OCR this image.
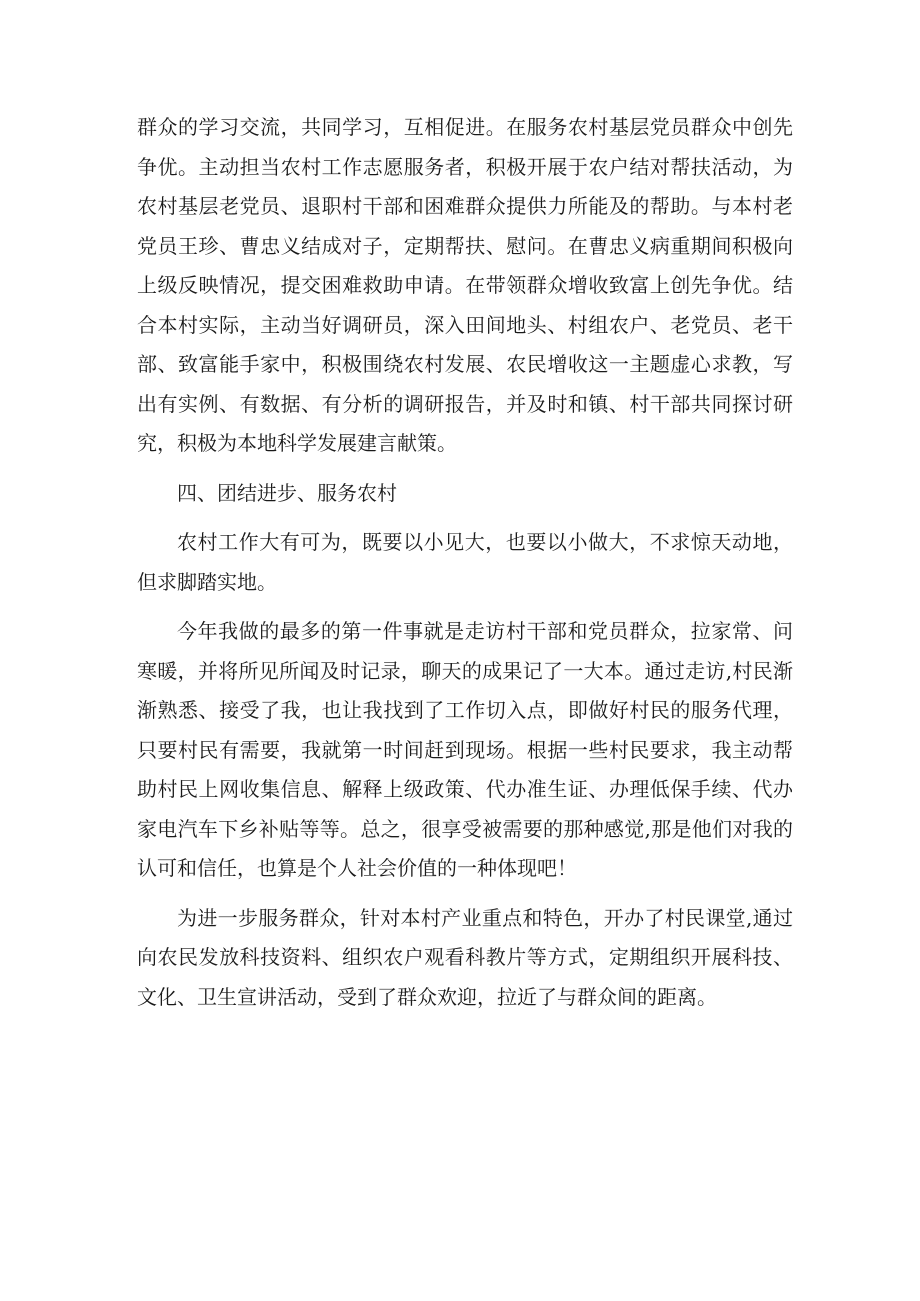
群众的学习交流，共同学习，互相促进。在服务农村基层党员群众中创先争优。主动担当农村工作志愿服务者，积极开展于农户结对帮扶活动，为农村基层老党员、退职村干部和困难群众提供力所能及的帮助。与本村老党员王珍、曹忠义结成对子，定期帮扶、慰问。在曹忠义病重期间积极向上级反映情况，提交困难救助申请。在带领群众增收致富上创先争优。结合本村实际，主动当好调研员，深入田间地头、村组农户、老党员、老干部、致富能手家中，积极围绕农村发展、农民增收这一主题虚心求教，写出有实例、有数据、有分析的调研报告，并及时和镇、村干部共同探讨研究，积极为本地科学发展建言献策。

四、团结进步、服务农村

农村工作大有可为，既要以小见大，也要以小做大，不求惊天动地，但求脚踏实地。

今年我做的最多的第一件事就是走访村干部和党员群众，拉家常、问寒暖，并将所见所闻及时记录，聊天的成果记了一大本。通过走访,村民渐渐熟悉、接受了我，也让我找到了工作切入点，即做好村民的服务代理，只要村民有需要，我就第一时间赶到现场。根据一些村民要求，我主动帮助村民上网收集信息、解释上级政策、代办准生证、办理低保手续、代办家电汽车下乡补贴等等。总之，很享受被需要的那种感觉,那是他们对我的认可和信任，也算是个人社会价值的一种体现吧！

为进一步服务群众，针对本村产业重点和特色，开办了村民课堂,通过向农民发放科技资料、组织农户观看科教片等方式，定期组织开展科技、文化、卫生宣讲活动，受到了群众欢迎，拉近了与群众间的距离。
